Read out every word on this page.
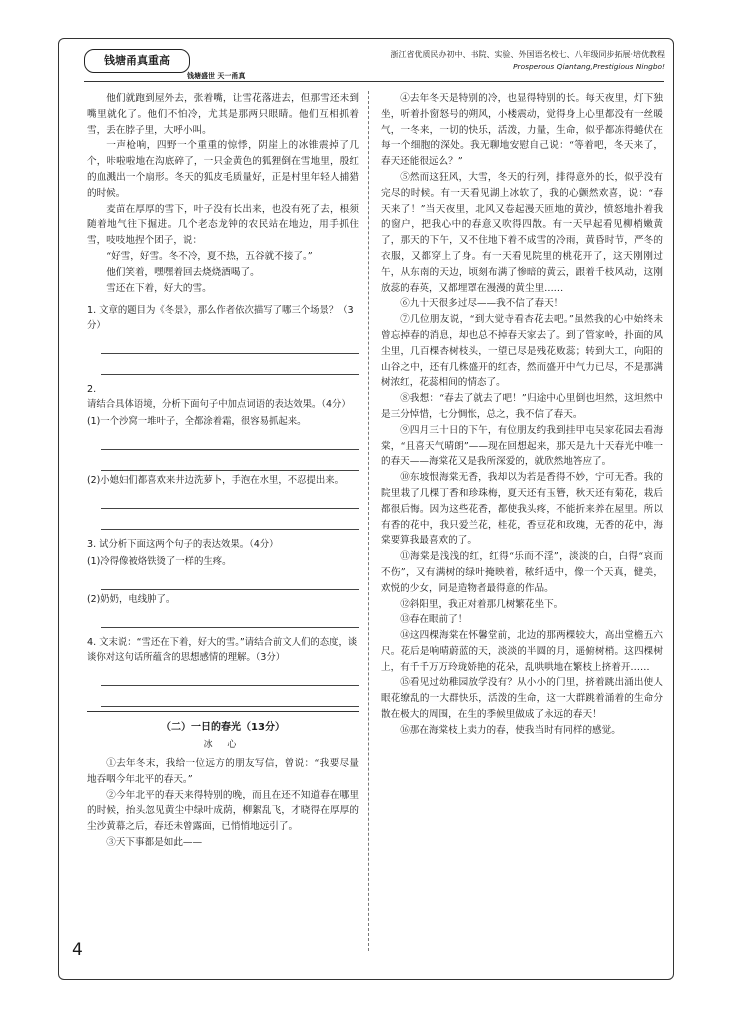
钱塘甬真重高
钱塘盛世 天一甬真
浙江省优质民办初中、书院、实验、外国语名校七、八年级同步拓展·培优教程
Prosperous Qiantang,Prestigious Ningbo!

他们就跑到屋外去，张着嘴，让雪花落进去，但那雪还未到嘴里就化了。他们不怕冷，尤其是那两只眼睛。他们互相抓着雪，丢在脖子里，大呼小叫。

一声枪响，四野一个重重的惊悸，阴崖上的冰锥震掉了几个，咔啦啦地在沟底碎了，一只金黄色的狐狸倒在雪地里，殷红的血溅出一个扇形。冬天的狐皮毛质量好，正是村里年轻人捕猎的时候。

麦苗在厚厚的雪下，叶子没有长出来，也没有死了去，根须随着地气往下掘进。几个老态龙钟的农民站在地边，用手抓住雪，吱吱地捏个团子，说：

“好雪，好雪。冬不冷，夏不热，五谷就不接了。”

他们笑着，嘿嘿着回去烧烧酒喝了。

雪还在下着，好大的雪。

1. 文章的题目为《冬景》，那么作者依次描写了哪三个场景？（3分）
2. 请结合具体语境，分析下面句子中加点词语的表达效果。（4分）
(1)一个沙窝一堆叶子，全都涂着霜，很容易抓起来。
(2)小媳妇们都喜欢来井边洗萝卜，手泡在水里，不忍提出来。
3. 试分析下面这两个句子的表达效果。（4分）
(1)冷得像被烙铁烫了一样的生疼。
(2)奶奶，电线肿了。
4. 文末说：“雪还在下着，好大的雪。”请结合前文人们的态度，谈谈你对这句话所蕴含的思想感情的理解。（3分）
（二）一日的春光（13分）
冰 心

①去年冬末，我给一位远方的朋友写信，曾说：“我要尽量地吞咽今年北平的春天。”

②今年北平的春天来得特别的晚，而且在还不知道春在哪里的时候，抬头忽见黄尘中绿叶成荫，柳絮乱飞，才晓得在厚厚的尘沙黄幕之后，春还未曾露面，已悄悄地远引了。

③天下事都是如此——

④去年冬天是特别的冷，也显得特别的长。每天夜里，灯下独坐，听着扑窗怒号的朔风，小楼震动，觉得身上心里都没有一丝暖气，一冬来，一切的快乐，活泼，力量，生命，似乎都冻得蜷伏在每一个细胞的深处。我无聊地安慰自己说：“等着吧，冬天来了，春天还能很远么？”

⑤然而这狂风，大雪，冬天的行列，排得意外的长，似乎没有完尽的时候。有一天看见湖上冰软了，我的心颤然欢喜，说：“春天来了！”当天夜里，北风又卷起漫天匝地的黄沙，愤怒地扑着我的窗户，把我心中的春意又吹得四散。有一天早起看见柳梢嫩黄了，那天的下午，又不住地下着不成雪的冷雨，黄昏时节，严冬的衣服，又都穿上了身。有一天看见院里的桃花开了，这天刚刚过午，从东南的天边，顷刻布满了惨暗的黄云，跟着千枝风动，这刚放蕊的春英，又都埋罩在漫漫的黄尘里……

⑥九十天很多过尽——我不信了春天！

⑦几位朋友说，“到大觉寺看杏花去吧。”虽然我的心中始终未曾忘掉春的消息，却也总不掉春天家去了。到了管家岭，扑面的风尘里，几百棵杏树枝头，一望已尽是残花败蕊；转到大工，向阳的山谷之中，还有几株盛开的红杏，然而盛开中气力已尽，不是那满树浓红，花蕊相间的情态了。

⑧我想：“春去了就去了吧！”归途中心里倒也坦然，这坦然中是三分悼惜，七分惆怅，总之，我不信了春天。

⑨四月三十日的下午，有位朋友约我到挂甲屯吴家花园去看海棠，“且喜天气晴朗”——现在回想起来，那天是九十天春光中唯一的春天——海棠花又是我所深爱的，就欣然地答应了。

⑩东坡恨海棠无香，我却以为若是香得不妙，宁可无香。我的院里栽了几棵丁香和珍珠梅，夏天还有玉簪，秋天还有菊花，栽后都很后悔。因为这些花香，都使我头疼，不能折来养在屋里。所以有香的花中，我只爱兰花，桂花，香豆花和玫瑰，无香的花中，海棠要算我最喜欢的了。

⑪海棠是浅浅的红，红得“乐而不淫”，淡淡的白，白得“哀而不伤”，又有满树的绿叶掩映着，秾纤适中，像一个天真，健美，欢悦的少女，同是造物者最得意的作品。

⑫斜阳里，我正对着那几树繁花坐下。

⑬春在眼前了！

⑭这四棵海棠在怀馨堂前，北边的那两棵较大，高出堂檐五六尺。花后是响晴蔚蓝的天，淡淡的半圆的月，遥俯树梢。这四棵树上，有千千万万玲珑娇艳的花朵，乱哄哄地在繁枝上挤着开……

⑮看见过幼稚园放学没有？从小小的门里，挤着跳出涌出使人眼花缭乱的一大群快乐，活泼的生命，这一大群跳着涌着的生命分散在极大的周围，在生的季候里做成了永远的春天！

⑯那在海棠枝上卖力的春，使我当时有同样的感觉。

4
